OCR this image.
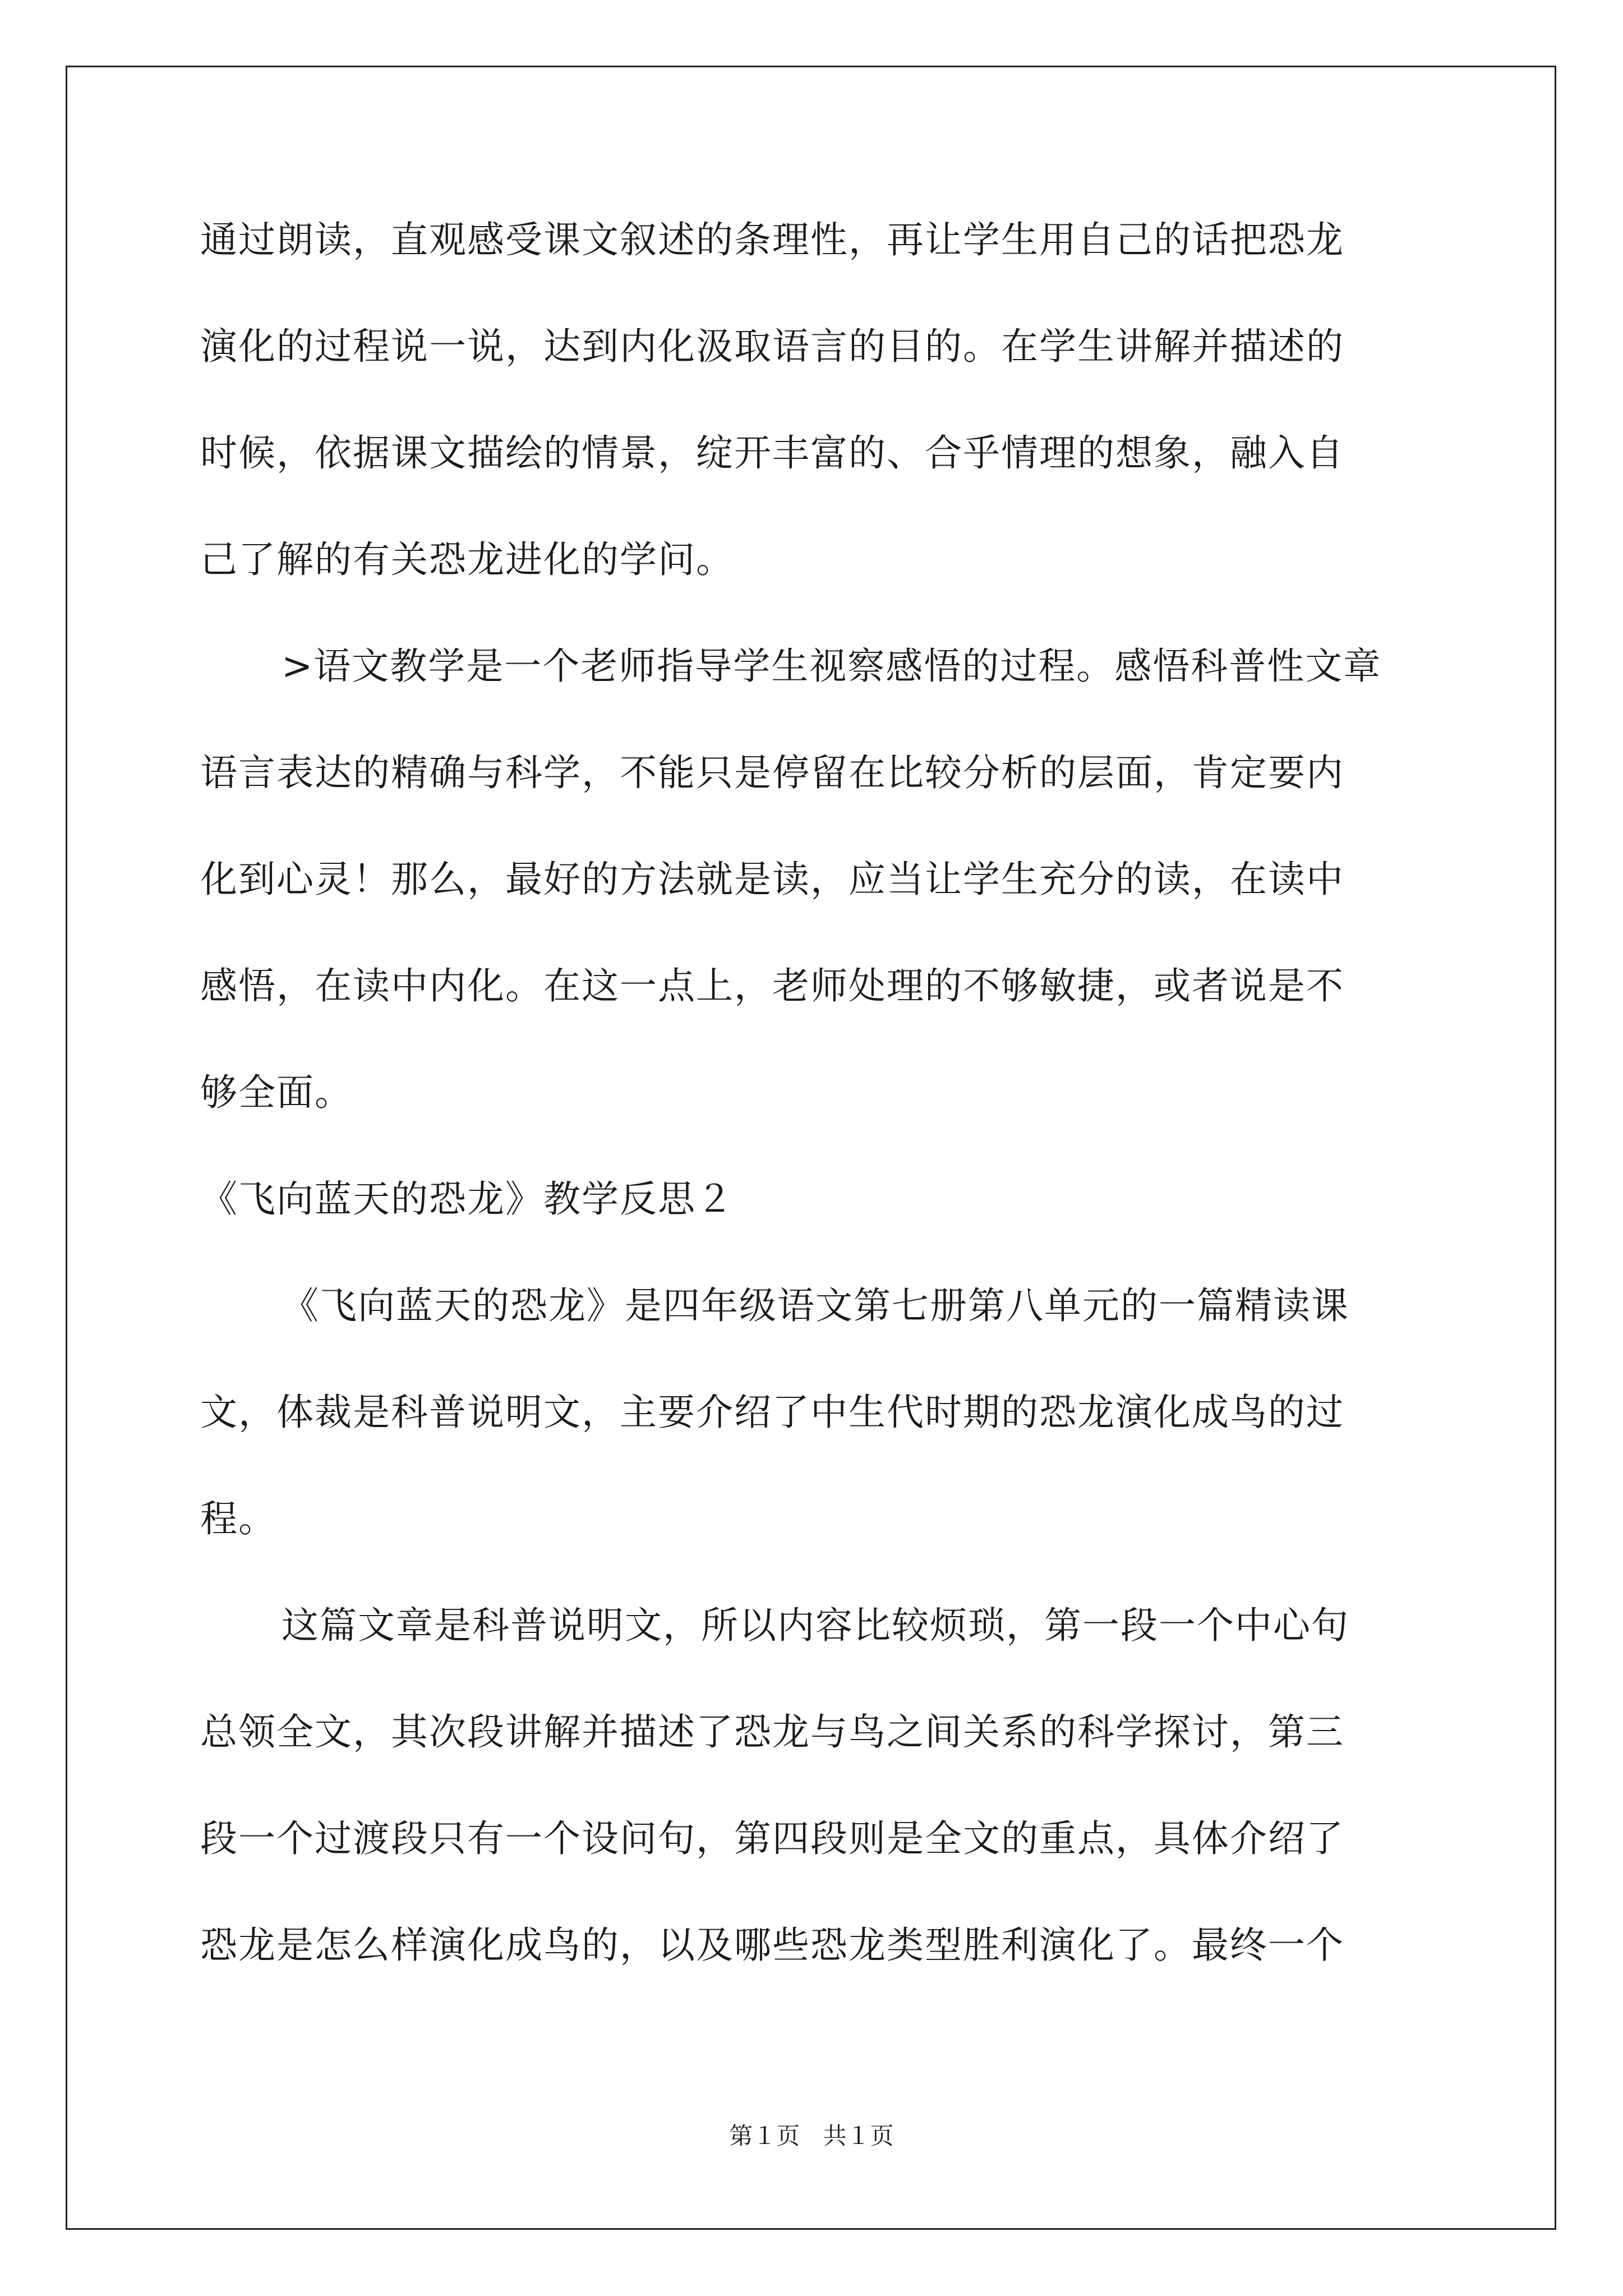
通过朗读，直观感受课文叙述的条理性，再让学生用自己的话把恐龙
演化的过程说一说，达到内化汲取语言的目的。在学生讲解并描述的
时候，依据课文描绘的情景，绽开丰富的、合乎情理的想象，融入自
己了解的有关恐龙进化的学问。
>语文教学是一个老师指导学生视察感悟的过程。感悟科普性文章
语言表达的精确与科学，不能只是停留在比较分析的层面，肯定要内
化到心灵！那么，最好的方法就是读，应当让学生充分的读，在读中
感悟，在读中内化。在这一点上，老师处理的不够敏捷，或者说是不
够全面。
《飞向蓝天的恐龙》教学反思２
《飞向蓝天的恐龙》是四年级语文第七册第八单元的一篇精读课
文，体裁是科普说明文，主要介绍了中生代时期的恐龙演化成鸟的过
程。
这篇文章是科普说明文，所以内容比较烦琐，第一段一个中心句
总领全文，其次段讲解并描述了恐龙与鸟之间关系的科学探讨，第三
段一个过渡段只有一个设问句，第四段则是全文的重点，具体介绍了
恐龙是怎么样演化成鸟的，以及哪些恐龙类型胜利演化了。最终一个
第１页 共１页
